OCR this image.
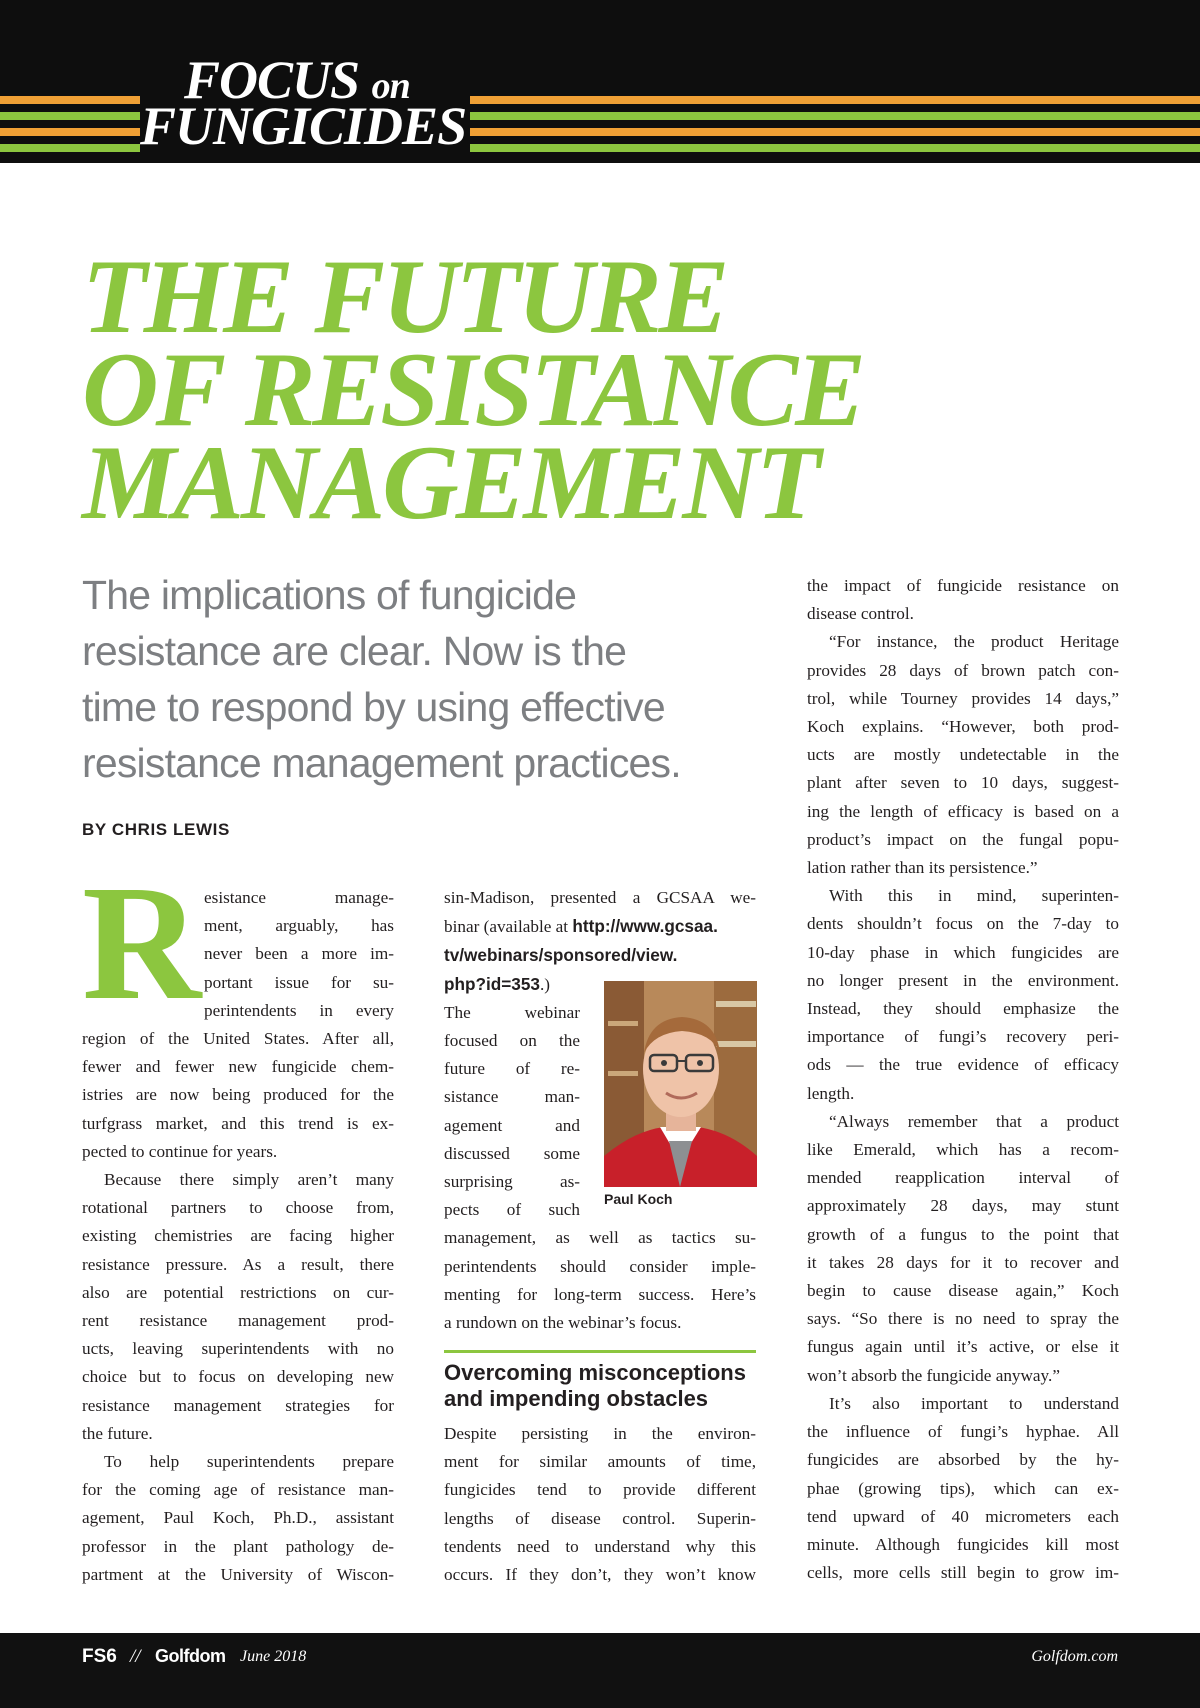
FOCUS on
FUNGICIDES
THE FUTURE
OF RESISTANCE
MANAGEMENT

The implications of fungicide
resistance are clear. Now is the
time to respond by using effective
resistance management practices.

BY CHRIS LEWIS
R esistance manage-
ment, arguably, has
never been a more im-
portant issue for su-
perintendents in every
region of the United States. After all,
fewer and fewer new fungicide chem-
istries are now being produced for the
turfgrass market, and this trend is ex-
pected to continue for years.
Because there simply aren’t many
rotational partners to choose from,
existing chemistries are facing higher
resistance pressure. As a result, there
also are potential restrictions on cur-
rent resistance management prod-
ucts, leaving superintendents with no
choice but to focus on developing new
resistance management strategies for
the future.
To help superintendents prepare
for the coming age of resistance man-
agement, Paul Koch, Ph.D., assistant
professor in the plant pathology de-
partment at the University of Wiscon-
sin-Madison, presented a GCSAA we-
binar (available at http://www.gcsaa.
tv/webinars/sponsored/view.
php?id=353.)
The webinar
focused on the
future of re-
sistance man-
agement and
discussed some
surprising as-
pects of such
management, as well as tactics su-
perintendents should consider imple-
menting for long-term success. Here’s
a rundown on the webinar’s focus.
Paul Koch
Overcoming misconceptions
and impending obstacles
Despite persisting in the environ-
ment for similar amounts of time,
fungicides tend to provide different
lengths of disease control. Superin-
tendents need to understand why this
occurs. If they don’t, they won’t know
the impact of fungicide resistance on
disease control.
“For instance, the product Heritage
provides 28 days of brown patch con-
trol, while Tourney provides 14 days,”
Koch explains. “However, both prod-
ucts are mostly undetectable in the
plant after seven to 10 days, suggest-
ing the length of efficacy is based on a
product’s impact on the fungal popu-
lation rather than its persistence.”
With this in mind, superinten-
dents shouldn’t focus on the 7-day to
10-day phase in which fungicides are
no longer present in the environment.
Instead, they should emphasize the
importance of fungi’s recovery peri-
ods — the true evidence of efficacy
length.
“Always remember that a product
like Emerald, which has a recom-
mended reapplication interval of
approximately 28 days, may stunt
growth of a fungus to the point that
it takes 28 days for it to recover and
begin to cause disease again,” Koch
says. “So there is no need to spray the
fungus again until it’s active, or else it
won’t absorb the fungicide anyway.”
It’s also important to understand
the influence of fungi’s hyphae. All
fungicides are absorbed by the hy-
phae (growing tips), which can ex-
tend upward of 40 micrometers each
minute. Although fungicides kill most
cells, more cells still begin to grow im-
FS6 // Golfdom June 2018	Golfdom.com
